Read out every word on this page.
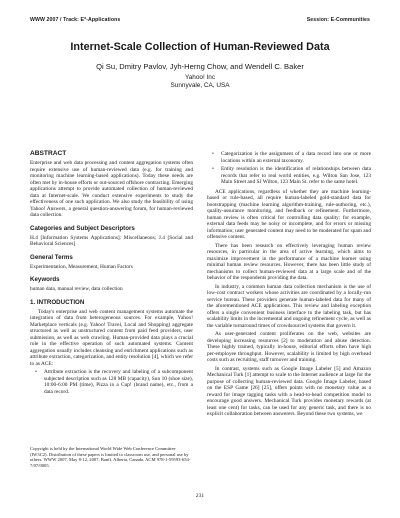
WWW 2007 / Track: E*-Applications	Session: E-Communities
Internet-Scale Collection of Human-Reviewed Data
Qi Su, Dmitry Pavlov, Jyh-Herng Chow, and Wendell C. Baker
Yahoo! Inc
Sunnyvale, CA, USA
ABSTRACT

Enterprise and web data processing and content aggregation systems often require extensive use of human-reviewed data (e.g. for training and monitoring machine learning-based applications). Today these needs are often met by in-house efforts or out-sourced offshore contracting. Emerging applications attempt to provide automated collection of human-reviewed data at Internet-scale. We conduct extensive experiments to study the effectiveness of one such application. We also study the feasibility of using Yahoo! Answers, a general question-answering forum, for human-reviewed data collection.

Categories and Subject Descriptors

H.4 [Information Systems Applications]: Miscellaneous; J.4 [Social and Behavioral Sciences]

General Terms

Experimentation, Measurement, Human Factors

Keywords

human data, manual review, data collection

1. INTRODUCTION

Today's enterprise and web content management systems automate the integration of data from heterogeneous sources. For example, Yahoo! Marketplace verticals (e.g. Yahoo! Travel, Local and Shopping) aggregate structured as well as unstructured content from paid feed providers, user submission, as well as web crawling. Human-provided data plays a crucial role in the effective operation of such automated systems. Content aggregation usually includes cleansing and enrichment applications such as attribute extraction, categorization, and entity resolution [4], which we refer to as ACE:

• Attribute extraction is the recovery and labeling of a subcomponent subjected description such as 128 MB (capacity), Sun 10 (shoe size), 10:00-6:00 PM (time), Pizza in a Cup! (brand name), etc., from a data record.
Copyright is held by the International World Wide Web Conference Committee (IW3C2). Distribution of these papers is limited to classroom use, and personal use by others. WWW 2007, May 8-12, 2007, Banff, Alberta, Canada. ACM 978-1-59593-654-7/07/0005.
• Categorization is the assignment of a data record into one or more locations within an external taxonomy.
• Entity resolution is the identification of relationships between data records that refer to real world entities, e.g. Wilton San Jose, 123 Main Street and SJ Wilton, 123 Main St. refer to the same hotel.

ACE applications, regardless of whether they are machine learning-based or rule-based, all require human-labeled gold-standard data for bootstrapping (machine learning algorithm-training, rule-authoring, etc.), quality-assurance monitoring, and feedback or refinement. Furthermore, human review is often critical for controlling data quality: for example, external data feeds may be noisy or incomplete, and for errors or missing information; user generated content may need to be moderated for spam and offensive content.

There has been research on effectively leveraging human review resources, in particular in the area of active learning, which aims to maximize improvement in the performance of a machine learner using minimal human review resources. However, there has been little study of mechanisms to collect human-reviewed data at a large scale and of the behavior of the respondents providing the data.

In industry, a common human data collection mechanism is the use of low-cost contract workers whose activities are coordinated by a locally-run service bureau. These providers generate human-labeled data for many of the aforementioned ACE applications. This review and labeling exception offers a single convenient business interface to the labeling task, but has scalability limits in the incremental and ongoing refinement cycle, as well as the variable turnaround times of crowdsourced systems that govern it.

As user-generated content proliferates on the web, websites are developing increasing resources [2] to moderation and abuse detection. These highly trained, typically in-house, editorial efforts often have high per-employee throughput. However, scalability is limited by high overhead costs such as recruiting, staff turnover and training.

In contrast, systems such as Google Image Labeler [5] and Amazon Mechanical Turk [1] attempt to scale to the Internet audience at large for the purpose of collecting human-reviewed data. Google Image Labeler, based on the ESP Game [26] [25], offers points with no monetary value as a reward for image tagging tasks with a head-to-head competition model to encourage good answers. Mechanical Turk provides monetary rewards (at least one cent) for tasks, can be used for any generic task, and there is no explicit collaboration between answerers. Beyond these two systems, we

231
